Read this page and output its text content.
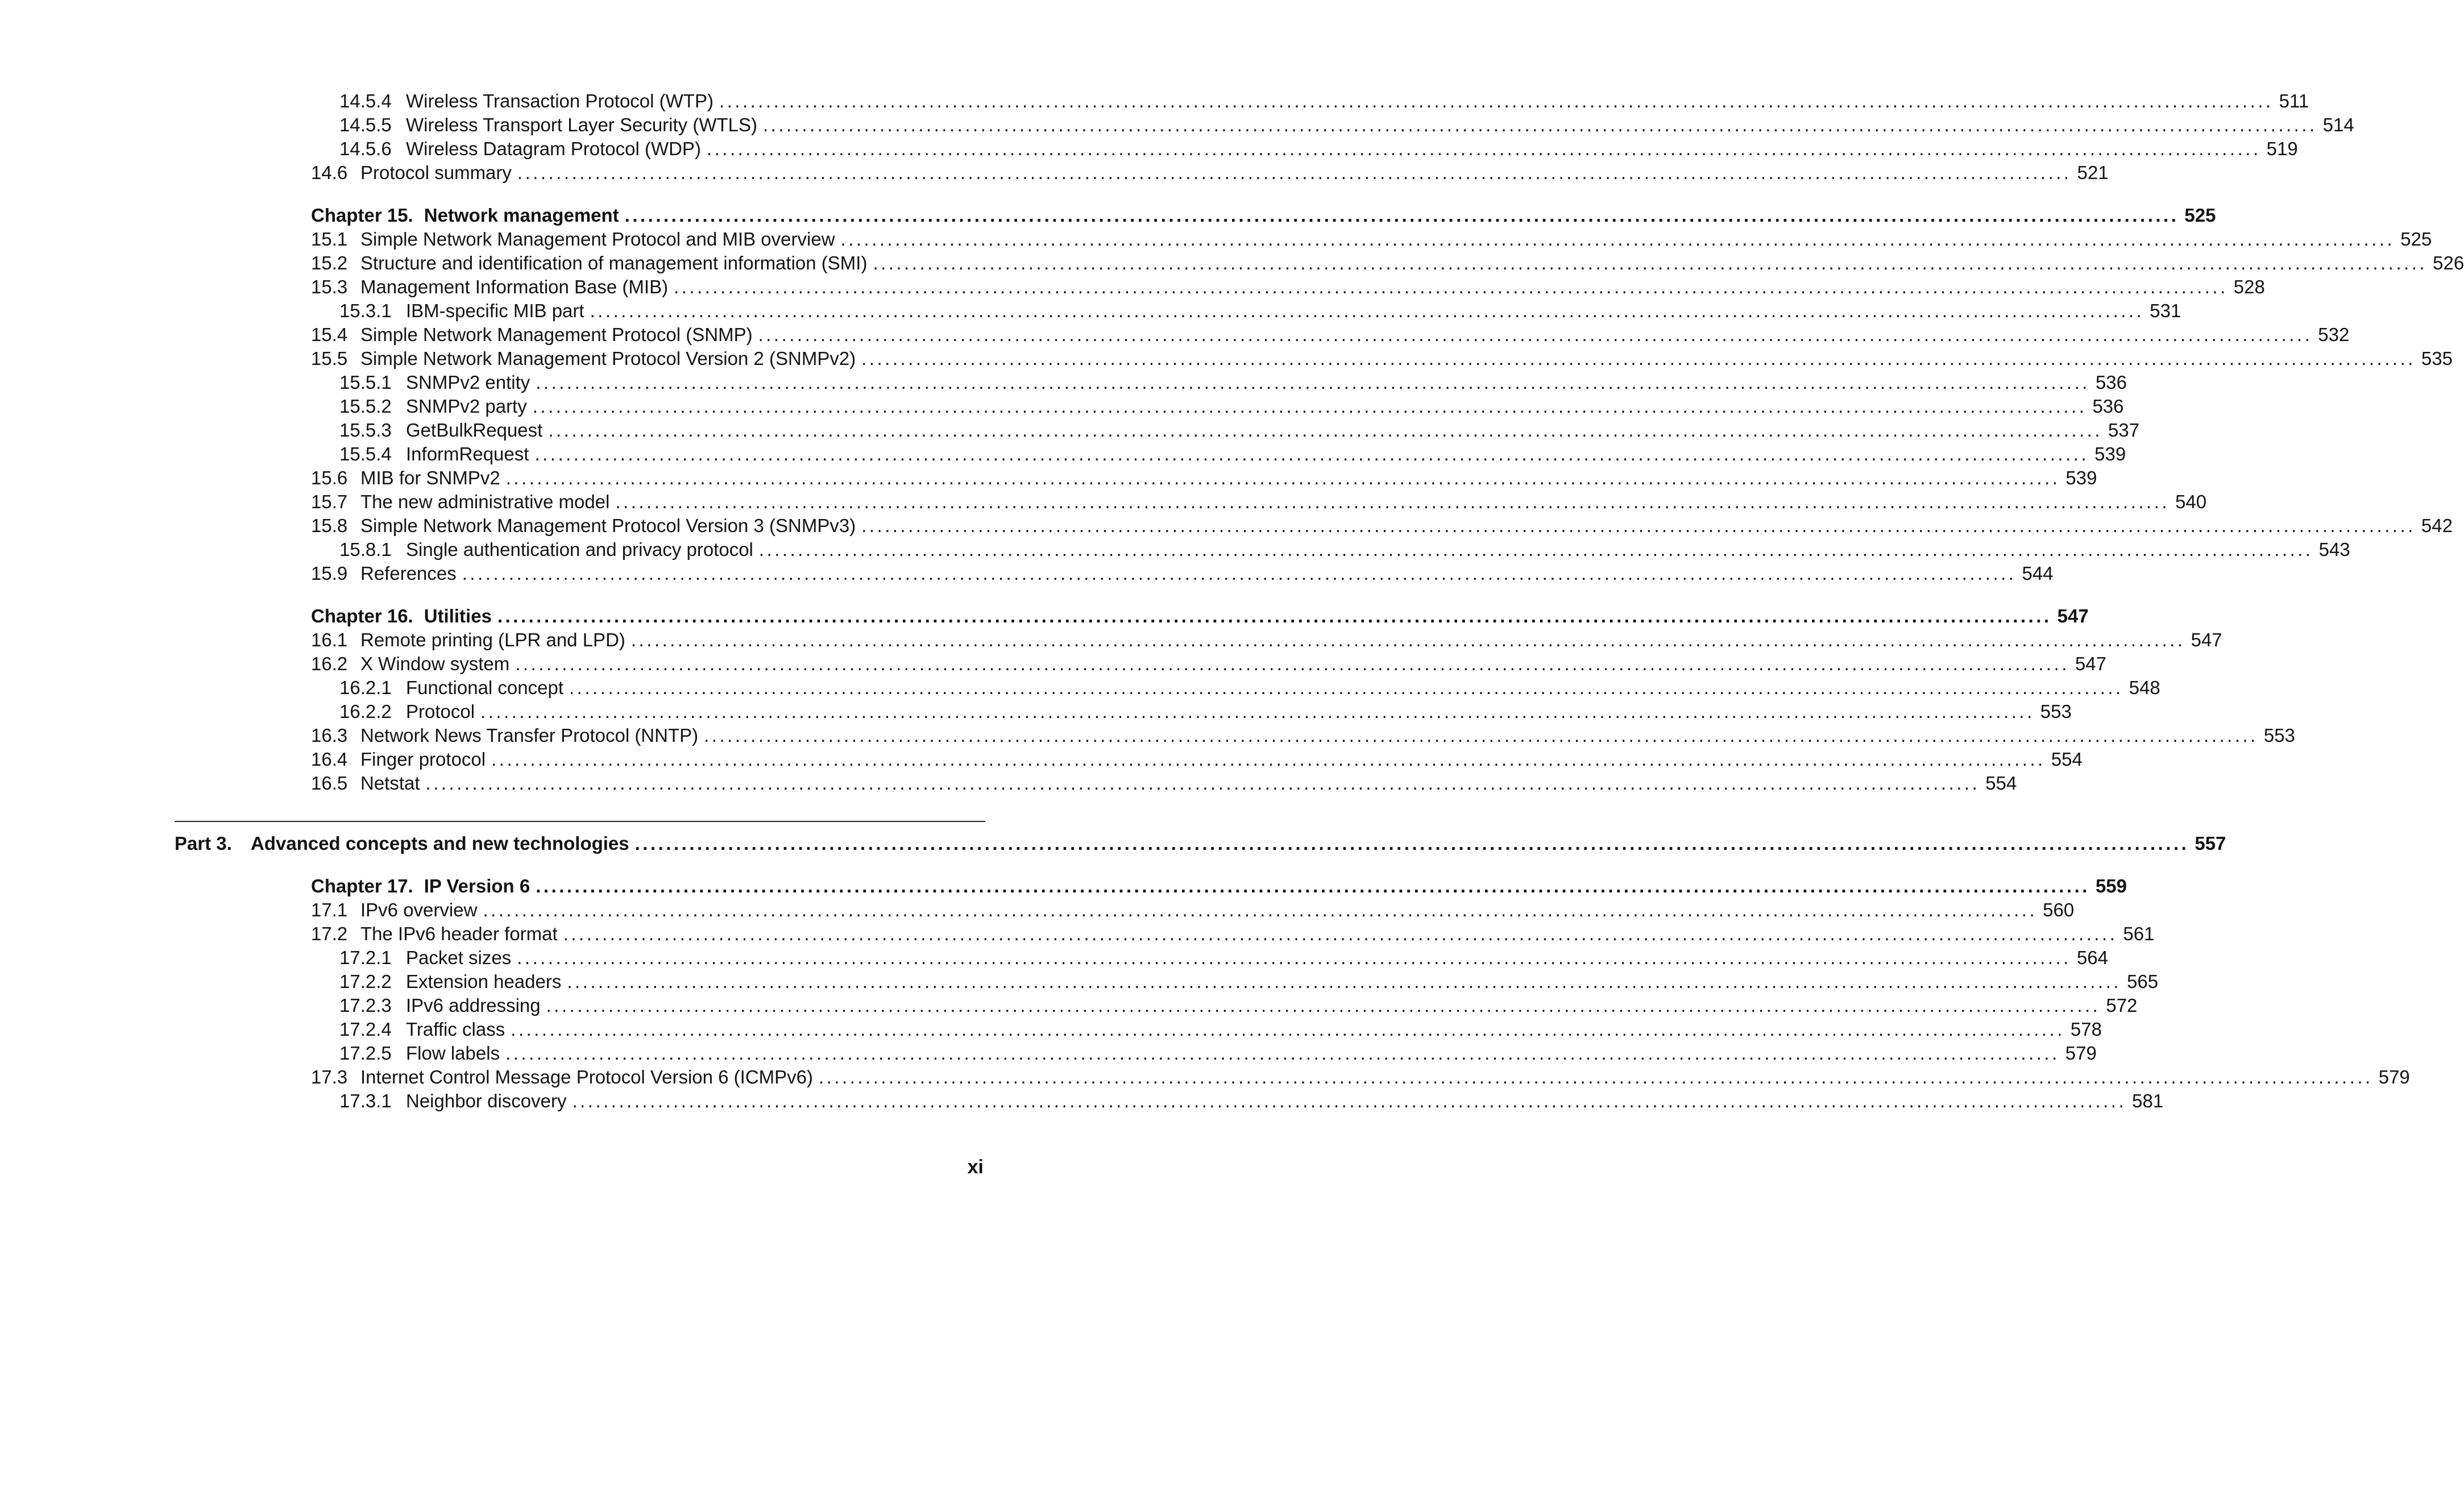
14.5.4 Wireless Transaction Protocol (WTP) ........................................................................................................................................................................................................ 511
14.5.5 Wireless Transport Layer Security (WTLS) ........................................................................................................................................................................................................ 514
14.5.6 Wireless Datagram Protocol (WDP) ........................................................................................................................................................................................................ 519
14.6 Protocol summary ........................................................................................................................................................................................................ 521
Chapter 15. Network management ........................................................................................................................................................................................................ 525
15.1 Simple Network Management Protocol and MIB overview ........................................................................................................................................................................................................ 525
15.2 Structure and identification of management information (SMI) ........................................................................................................................................................................................................ 526
15.3 Management Information Base (MIB) ........................................................................................................................................................................................................ 528
15.3.1 IBM-specific MIB part ........................................................................................................................................................................................................ 531
15.4 Simple Network Management Protocol (SNMP) ........................................................................................................................................................................................................ 532
15.5 Simple Network Management Protocol Version 2 (SNMPv2) ........................................................................................................................................................................................................ 535
15.5.1 SNMPv2 entity ........................................................................................................................................................................................................ 536
15.5.2 SNMPv2 party ........................................................................................................................................................................................................ 536
15.5.3 GetBulkRequest ........................................................................................................................................................................................................ 537
15.5.4 InformRequest ........................................................................................................................................................................................................ 539
15.6 MIB for SNMPv2 ........................................................................................................................................................................................................ 539
15.7 The new administrative model ........................................................................................................................................................................................................ 540
15.8 Simple Network Management Protocol Version 3 (SNMPv3) ........................................................................................................................................................................................................ 542
15.8.1 Single authentication and privacy protocol ........................................................................................................................................................................................................ 543
15.9 References ........................................................................................................................................................................................................ 544
Chapter 16. Utilities ........................................................................................................................................................................................................ 547
16.1 Remote printing (LPR and LPD) ........................................................................................................................................................................................................ 547
16.2 X Window system ........................................................................................................................................................................................................ 547
16.2.1 Functional concept ........................................................................................................................................................................................................ 548
16.2.2 Protocol ........................................................................................................................................................................................................ 553
16.3 Network News Transfer Protocol (NNTP) ........................................................................................................................................................................................................ 553
16.4 Finger protocol ........................................................................................................................................................................................................ 554
16.5 Netstat ........................................................................................................................................................................................................ 554
Part 3.	Advanced concepts and new technologies ........................................................................................................................................................................................................ 557
Chapter 17. IP Version 6 ........................................................................................................................................................................................................ 559
17.1 IPv6 overview ........................................................................................................................................................................................................ 560
17.2 The IPv6 header format ........................................................................................................................................................................................................ 561
17.2.1 Packet sizes ........................................................................................................................................................................................................ 564
17.2.2 Extension headers ........................................................................................................................................................................................................ 565
17.2.3 IPv6 addressing ........................................................................................................................................................................................................ 572
17.2.4 Traffic class ........................................................................................................................................................................................................ 578
17.2.5 Flow labels ........................................................................................................................................................................................................ 579
17.3 Internet Control Message Protocol Version 6 (ICMPv6) ........................................................................................................................................................................................................ 579
17.3.1 Neighbor discovery ........................................................................................................................................................................................................ 581
xi
